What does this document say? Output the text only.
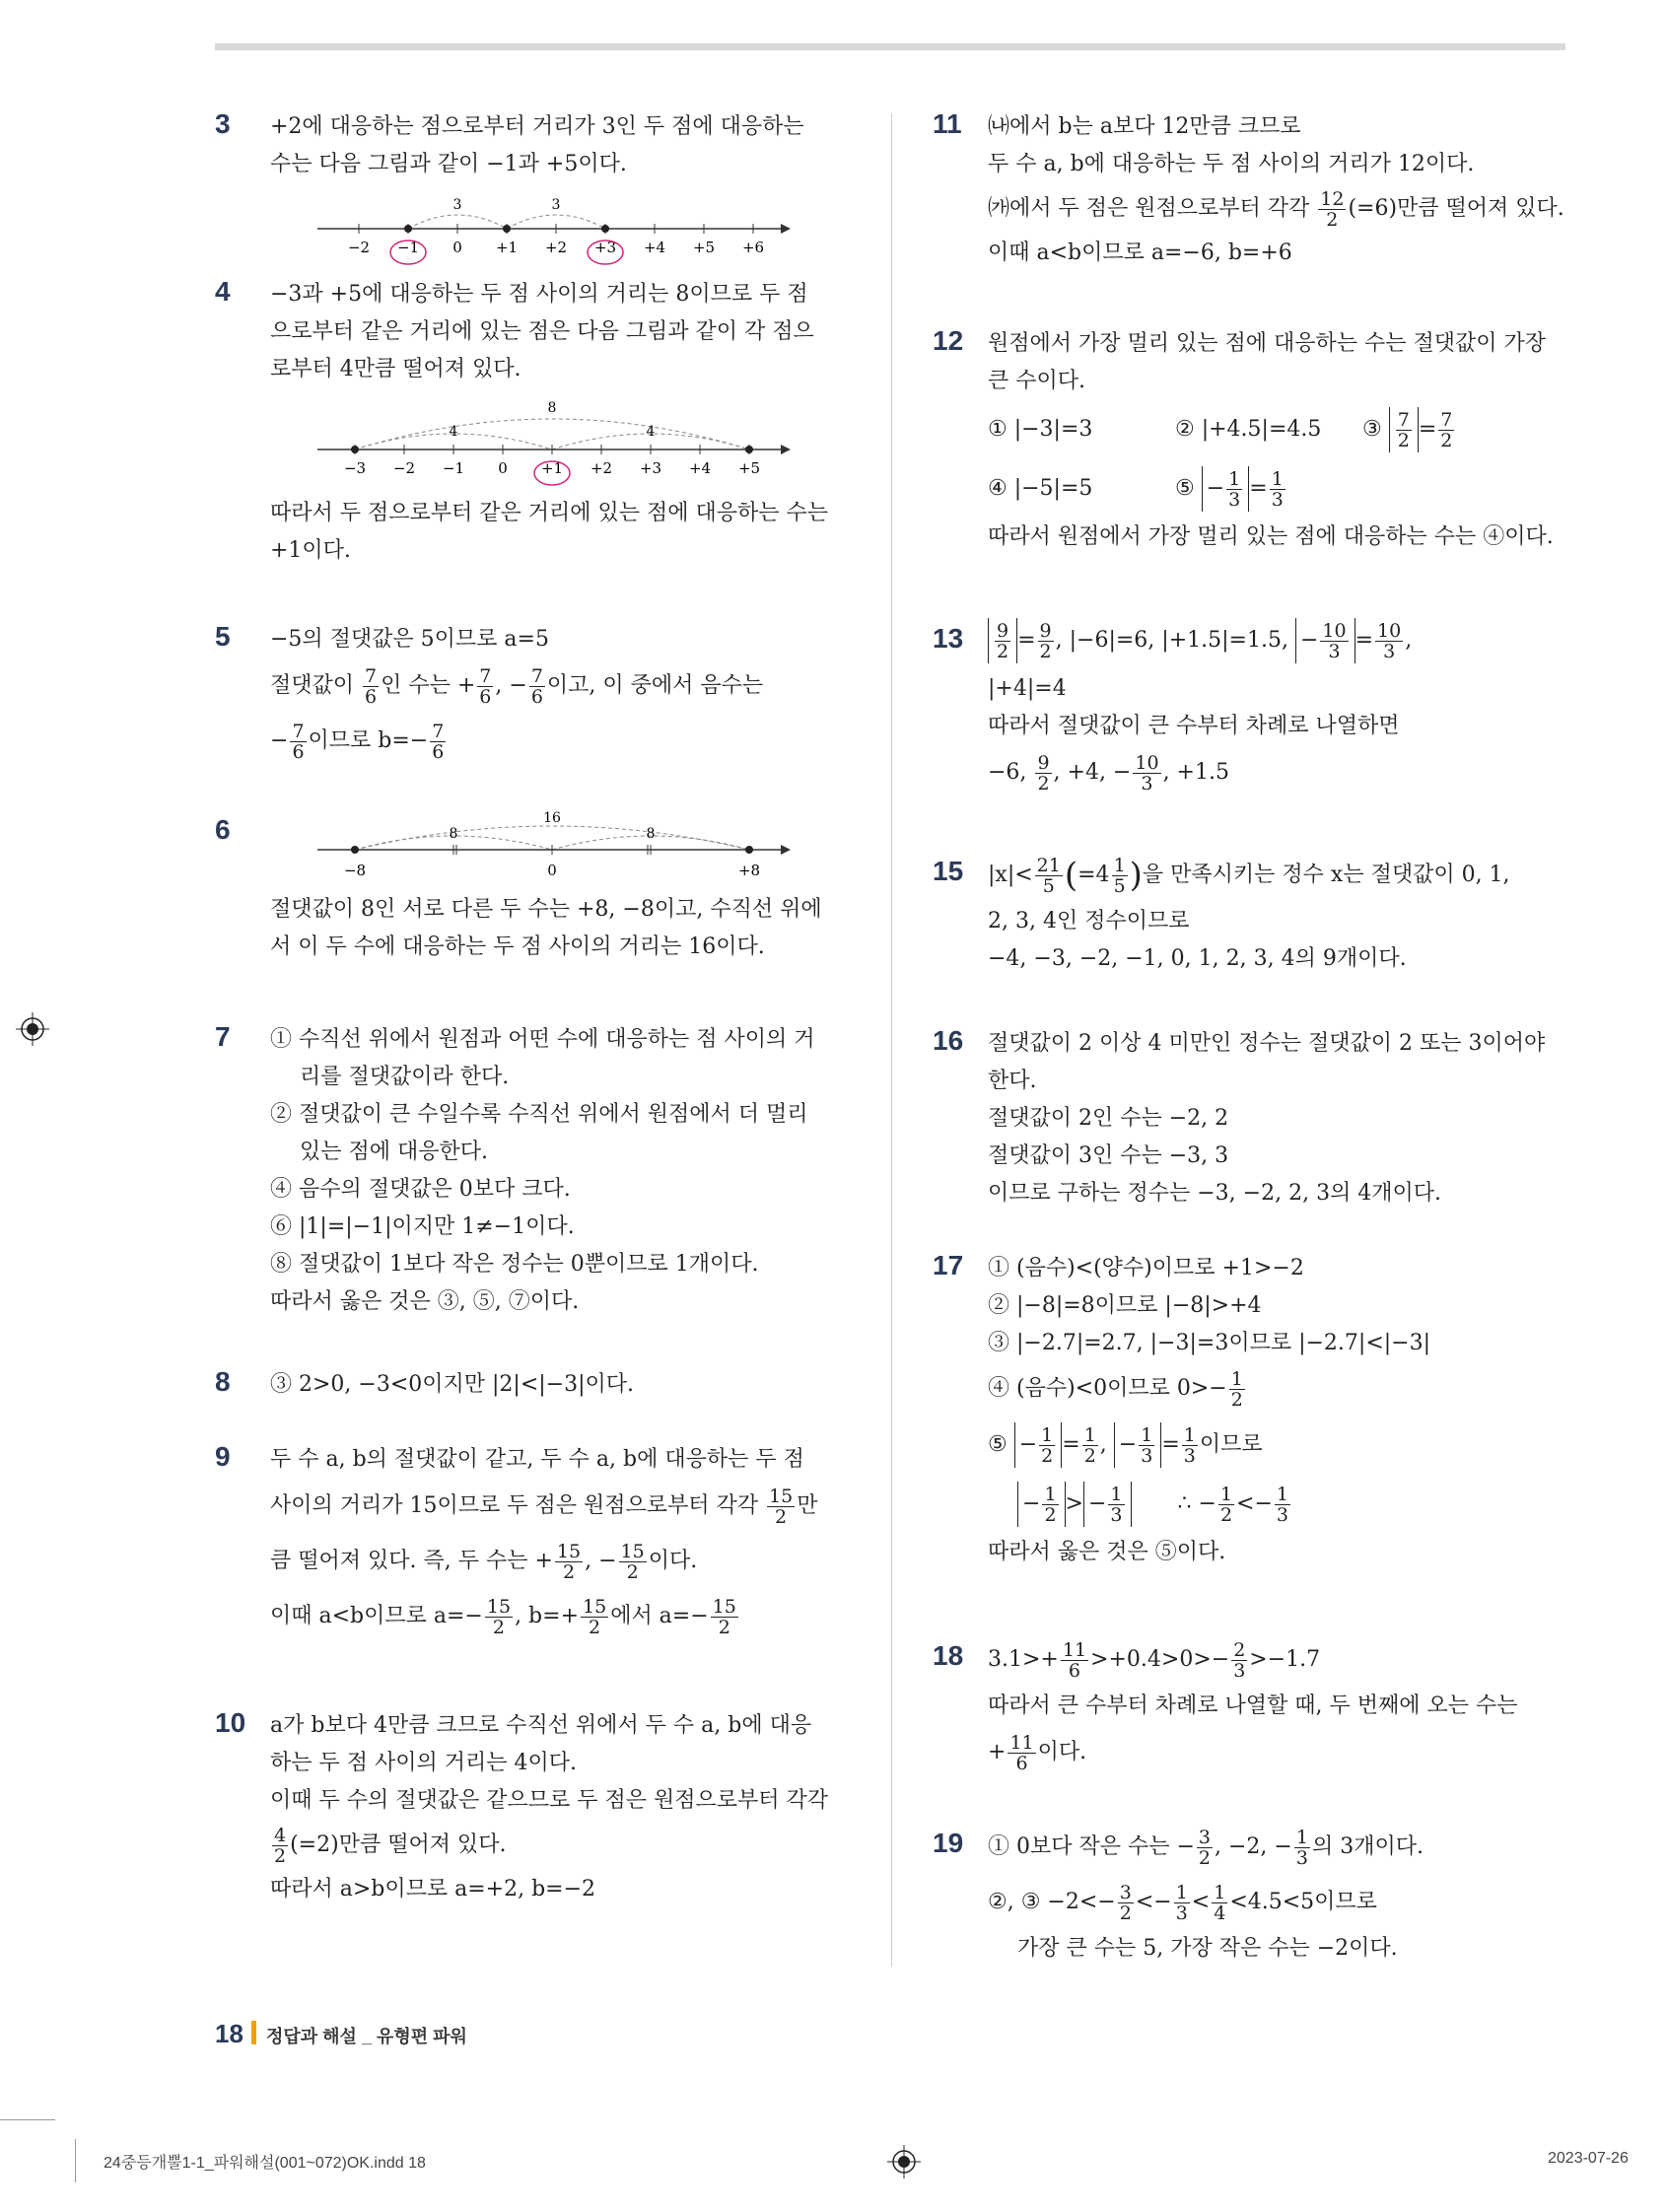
3 +2에 대응하는 점으로부터 거리가 3인 두 점에 대응하는
수는 다음 그림과 같이 −1과 +5이다.
3	3
−2 −1 0 +1 +2 +3 +4 +5 +6
4 −3과 +5에 대응하는 두 점 사이의 거리는 8이므로 두 점
으로부터 같은 거리에 있는 점은 다음 그림과 같이 각 점으
로부터 4만큼 떨어져 있다.
8
4	4
−3 −2 −1 0 +1 +2 +3 +4 +5
따라서 두 점으로부터 같은 거리에 있는 점에 대응하는 수는
+1이다.
5 −5의 절댓값은 5이므로 a=5
절댓값이 $\frac{7}{6}$ 인 수는 + $\frac{7}{6}$ , − $\frac{7}{6}$ 이고, 이 중에서 음수는
− $\frac{7}{6}$ 이므로 $b=- \frac{7}{6}$
6	16
8	8
−8	0	+8
절댓값이 8인 서로 다른 두 수는 +8, −8이고, 수직선 위에
서 이 두 수에 대응하는 두 점 사이의 거리는 16이다.
7 ① 수직선 위에서 원점과 어떤 수에 대응하는 점 사이의 거
리를 절댓값이라 한다.
② 절댓값이 큰 수일수록 수직선 위에서 원점에서 더 멀리
있는 점에 대응한다.
④ 음수의 절댓값은 0보다 크다.
⑥ |1|=|−1|이지만 1≠−1이다.
⑧ 절댓값이 1보다 작은 정수는 0뿐이므로 1개이다.
따라서 옳은 것은 ③, ⑤, ⑦이다.
8 ③ 2>0, −3<0이지만 |2|<|−3|이다.
9 두 수 a, b의 절댓값이 같고, 두 수 a, b에 대응하는 두 점
사이의 거리가 15이므로 두 점은 원점으로부터 각각 $\frac{15}{2}$ 만
큼 떨어져 있다. 즉, 두 수는 + $\frac{15}{2}$ , − $\frac{15}{2}$ 이다.
이때 a<b이므로 $a=- \frac{15}{2}$ , $b=+ \frac{15}{2}$ 에서 $a=- \frac{15}{2}$
10 a가 b보다 4만큼 크므로 수직선 위에서 두 수 a, b에 대응
하는 두 점 사이의 거리는 4이다.
이때 두 수의 절댓값은 같으므로 두 점은 원점으로부터 각각
$\frac{4}{2} (=2)$만큼 떨어져 있다.
따라서 a>b이므로 a=+2, b=−2
11 ㈏에서 b는 a보다 12만큼 크므로
두 수 a, b에 대응하는 두 점 사이의 거리가 12이다.
㈎에서 두 점은 원점으로부터 각각 $\frac{12}{2} (=6)$만큼 떨어져 있다.
이때 a<b이므로 a=−6, b=+6
12 원점에서 가장 멀리 있는 점에 대응하는 수는 절댓값이 가장
큰 수이다.
① |−3|=3	② |+4.5|=4.5 ③ $\frac{7}{2} = \frac{7}{2}$
④ |−5|=5	⑤ − $\frac{1}{3} = \frac{1}{3}$
따라서 원점에서 가장 멀리 있는 점에 대응하는 수는 ④이다.
$13 \frac{9}{2} = \frac{9}{2}$ , |−6|=6, |+1.5|=1.5, − $\frac{10}{3} = \frac{10}{3}$ ,
|+4|=4
따라서 절댓값이 큰 수부터 차례로 나열하면
−6, $\frac{9}{2}$ , +4, − $\frac{10}{3}$ , +1.5
15 $|x|< \frac{21}{5} (=4 \frac{1}{5}$ )을 만족시키는 정수 x는 절댓값이 0, 1,
2, 3, 4인 정수이므로
−4, −3, −2, −1, 0, 1, 2, 3, 4의 9개이다.
16 절댓값이 2 이상 4 미만인 정수는 절댓값이 2 또는 3이어야
한다.
절댓값이 2인 수는 −2, 2
절댓값이 3인 수는 −3, 3
이므로 구하는 정수는 −3, −2, 2, 3의 4개이다.
17 ① (음수)<(양수)이므로 +1>−2
② |−8|=8이므로 |−8|>+4
③ |−2.7|=2.7, |−3|=3이므로 |−2.7|<|−3|
④ (음수)<0이므로 $0>- \frac{1}{2}$
⑤ − $\frac{1}{2} = \frac{1}{2}$ , − $\frac{1}{3} = \frac{1}{3}$ 이므로
− $\frac{1}{2}$ > − $\frac{1}{3}$ ∴ − $\frac{1}{2} <- \frac{1}{3}$
따라서 옳은 것은 ⑤이다.
18 $3.1>+ \frac{11}{6} >+0.4>0>- \frac{2}{3} >-1.7$
따라서 큰 수부터 차례로 나열할 때, 두 번째에 오는 수는
+ $\frac{11}{6}$ 이다.
19 ① 0보다 작은 수는 − $\frac{3}{2}$ , −2, − $\frac{1}{3}$ 의 3개이다.
②, ③ $-2<- \frac{3}{2} <- \frac{1}{3} < \frac{1}{4} <4.5<5$이므로
가장 큰 수는 5, 가장 작은 수는 −2이다.
18 정답과 해설 _ 유형편 파워
24중등개뿔1-1_파워해설(001~072)OK.indd 18	2023-07-26
